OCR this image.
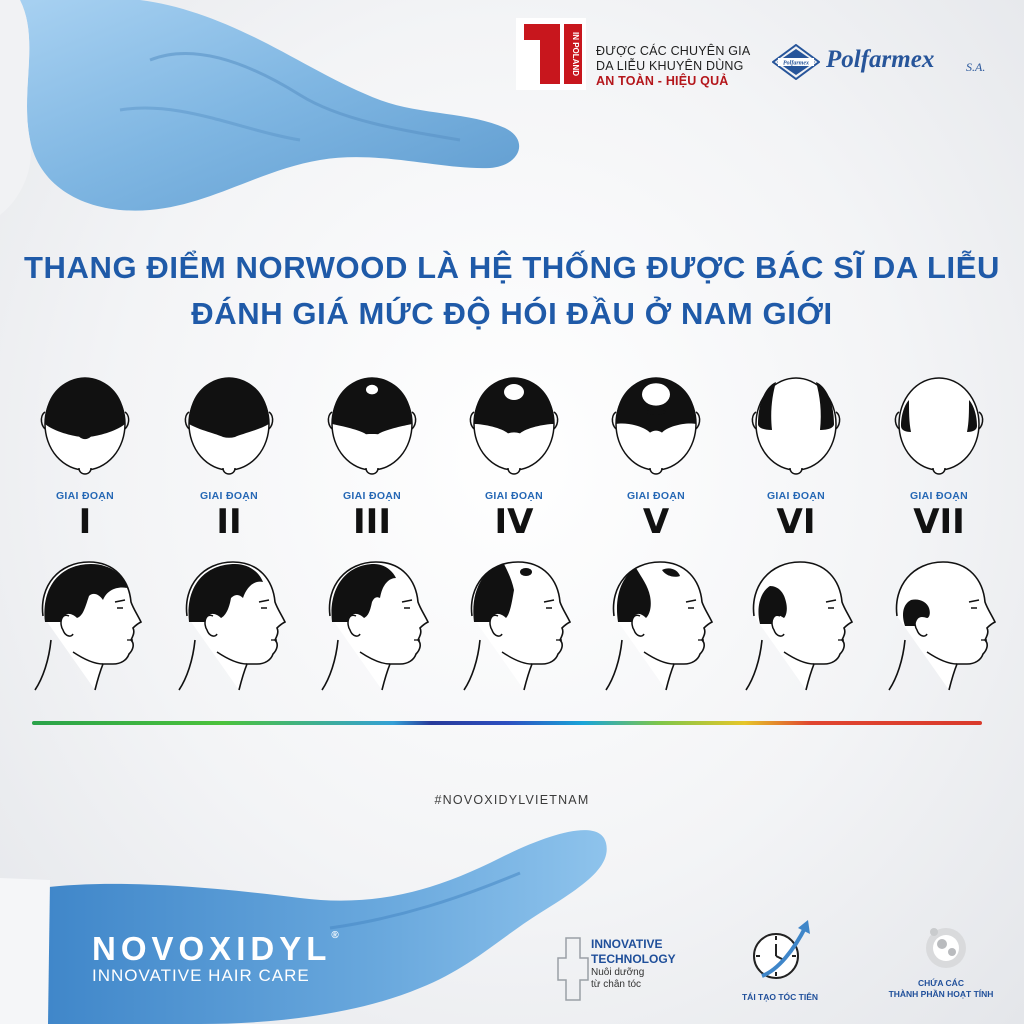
IN POLAND ĐƯỢC CÁC CHUYÊN GIA
DA LIỄU KHUYÊN DÙNG
AN TOÀN - HIỆU QUẢ
Polfarmex Polfarmex	S.A.
THANG ĐIỂM NORWOOD LÀ HỆ THỐNG ĐƯỢC BÁC SĨ DA LIỄU
ĐÁNH GIÁ MỨC ĐỘ HÓI ĐẦU Ở NAM GIỚI
GIAI ĐOẠN
I
GIAI ĐOẠN
II
GIAI ĐOẠN
III
GIAI ĐOẠN
IV
GIAI ĐOẠN
V
GIAI ĐOẠN
VI
GIAI ĐOẠN
VII
#NOVOXIDYLVIETNAM
NOVOXIDYL®
INNOVATIVE HAIR CARE
INNOVATIVE
TECHNOLOGY
Nuôi dưỡng
từ chân tóc
TÁI TẠO TÓC TIÊN
CHỨA CÁC
THÀNH PHẦN HOẠT TÍNH
